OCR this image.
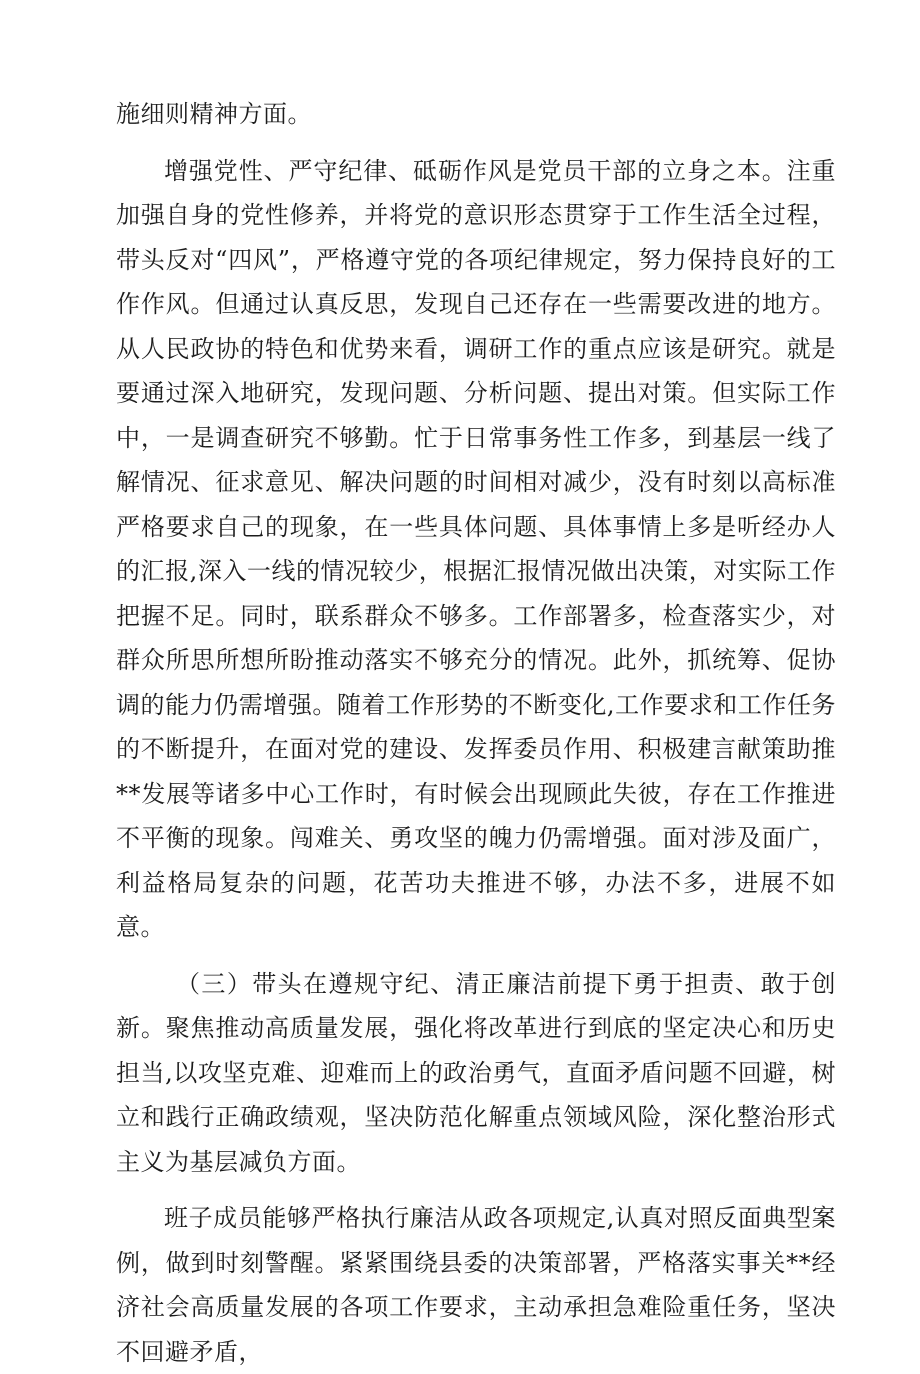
施细则精神方面。

增强党性、严守纪律、砥砺作风是党员干部的立身之本。注重加强自身的党性修养，并将党的意识形态贯穿于工作生活全过程，带头反对“四风”，严格遵守党的各项纪律规定，努力保持良好的工作作风。但通过认真反思，发现自己还存在一些需要改进的地方。从人民政协的特色和优势来看，调研工作的重点应该是研究。就是要通过深入地研究，发现问题、分析问题、提出对策。但实际工作中，一是调查研究不够勤。忙于日常事务性工作多，到基层一线了解情况、征求意见、解决问题的时间相对减少，没有时刻以高标准严格要求自己的现象，在一些具体问题、具体事情上多是听经办人的汇报,深入一线的情况较少，根据汇报情况做出决策，对实际工作把握不足。同时，联系群众不够多。工作部署多，检查落实少，对群众所思所想所盼推动落实不够充分的情况。此外，抓统筹、促协调的能力仍需增强。随着工作形势的不断变化,工作要求和工作任务的不断提升，在面对党的建设、发挥委员作用、积极建言献策助推**发展等诸多中心工作时，有时候会出现顾此失彼，存在工作推进不平衡的现象。闯难关、勇攻坚的魄力仍需增强。面对涉及面广，利益格局复杂的问题，花苦功夫推进不够，办法不多，进展不如意。

（三）带头在遵规守纪、清正廉洁前提下勇于担责、敢于创新。聚焦推动高质量发展，强化将改革进行到底的坚定决心和历史担当,以攻坚克难、迎难而上的政治勇气，直面矛盾问题不回避，树立和践行正确政绩观，坚决防范化解重点领域风险，深化整治形式主义为基层减负方面。

班子成员能够严格执行廉洁从政各项规定,认真对照反面典型案例，做到时刻警醒。紧紧围绕县委的决策部署，严格落实事关**经济社会高质量发展的各项工作要求，主动承担急难险重任务，坚决不回避矛盾，
